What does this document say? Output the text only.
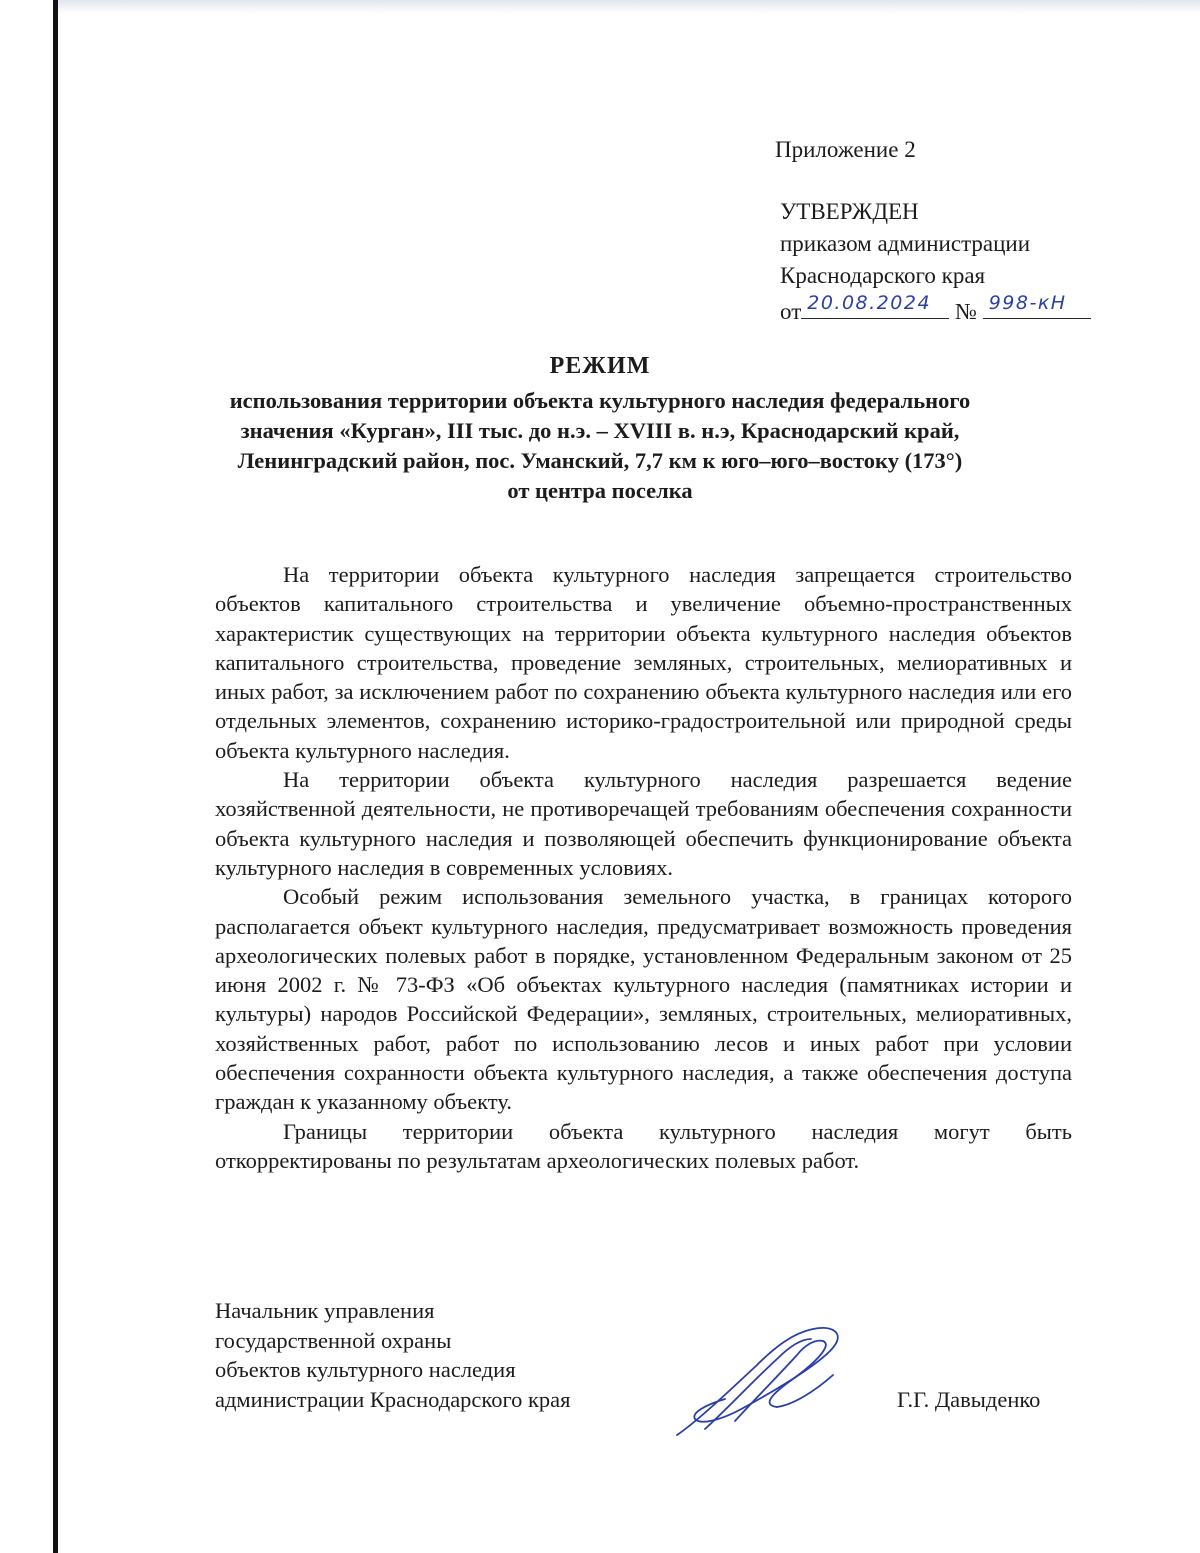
Приложение 2
УТВЕРЖДЕН
приказом администрации
Краснодарского края
от 20.08.2024 № 998-кН
РЕЖИМ
использования территории объекта культурного наследия федерального
значения «Курган», III тыс. до н.э. – XVIII в. н.э, Краснодарский край,
Ленинградский район, пос. Уманский, 7,7 км к юго–юго–востоку (173°)
от центра поселка

На территории объекта культурного наследия запрещается строительство объектов капитального строительства и увеличение объемно-пространственных характеристик существующих на территории объекта культурного наследия объектов капитального строительства, проведение земляных, строительных, мелиоративных и иных работ, за исключением работ по сохранению объекта культурного наследия или его отдельных элементов, сохранению историко-градостроительной или природной среды объекта культурного наследия.

На территории объекта культурного наследия разрешается ведение хозяйственной деятельности, не противоречащей требованиям обеспечения сохранности объекта культурного наследия и позволяющей обеспечить функционирование объекта культурного наследия в современных условиях.

Особый режим использования земельного участка, в границах которого располагается объект культурного наследия, предусматривает возможность проведения археологических полевых работ в порядке, установленном Федеральным законом от 25 июня 2002 г. № 73-ФЗ «Об объектах культурного наследия (памятниках истории и культуры) народов Российской Федерации», земляных, строительных, мелиоративных, хозяйственных работ, работ по использованию лесов и иных работ при условии обеспечения сохранности объекта культурного наследия, а также обеспечения доступа граждан к указанному объекту.

Границы территории объекта культурного наследия могут быть откорректированы по результатам археологических полевых работ.

Начальник управления
государственной охраны
объектов культурного наследия
администрации Краснодарского края	Г.Г. Давыденко
